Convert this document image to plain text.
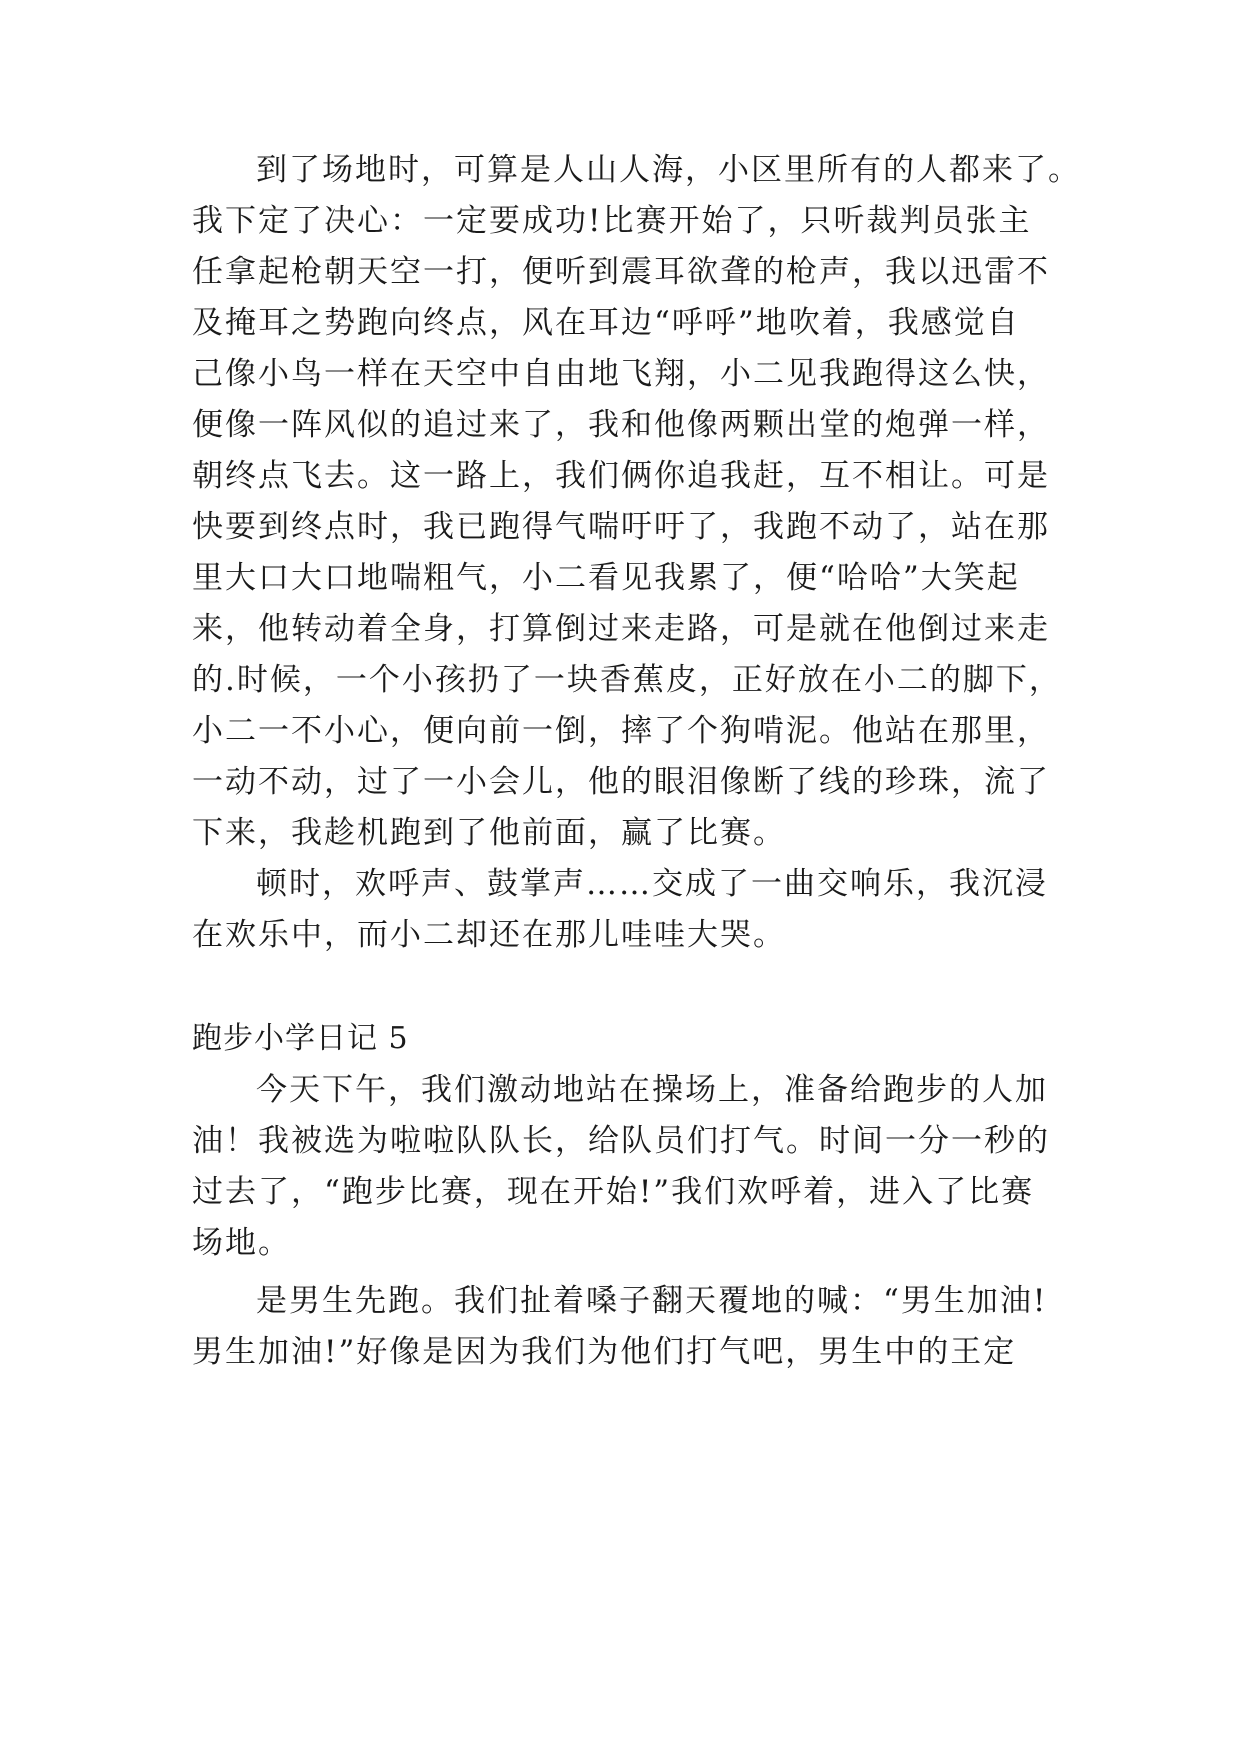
到了场地时，可算是人山人海，小区里所有的人都来了。
我下定了决心：一定要成功!比赛开始了，只听裁判员张主
任拿起枪朝天空一打，便听到震耳欲聋的枪声，我以迅雷不
及掩耳之势跑向终点，风在耳边“呼呼”地吹着，我感觉自
己像小鸟一样在天空中自由地飞翔，小二见我跑得这么快，
便像一阵风似的追过来了，我和他像两颗出堂的炮弹一样，
朝终点飞去。这一路上，我们俩你追我赶，互不相让。可是
快要到终点时，我已跑得气喘吁吁了，我跑不动了，站在那
里大口大口地喘粗气，小二看见我累了，便“哈哈”大笑起
来，他转动着全身，打算倒过来走路，可是就在他倒过来走
的.时候，一个小孩扔了一块香蕉皮，正好放在小二的脚下，
小二一不小心，便向前一倒，摔了个狗啃泥。他站在那里，
一动不动，过了一小会儿，他的眼泪像断了线的珍珠，流了
下来，我趁机跑到了他前面，赢了比赛。
顿时，欢呼声、鼓掌声……交成了一曲交响乐，我沉浸
在欢乐中，而小二却还在那儿哇哇大哭。
跑步小学日记 5
今天下午，我们激动地站在操场上，准备给跑步的人加
油！我被选为啦啦队队长，给队员们打气。时间一分一秒的
过去了，“跑步比赛，现在开始!”我们欢呼着，进入了比赛
场地。
是男生先跑。我们扯着嗓子翻天覆地的喊：“男生加油!
男生加油!”好像是因为我们为他们打气吧，男生中的王定
